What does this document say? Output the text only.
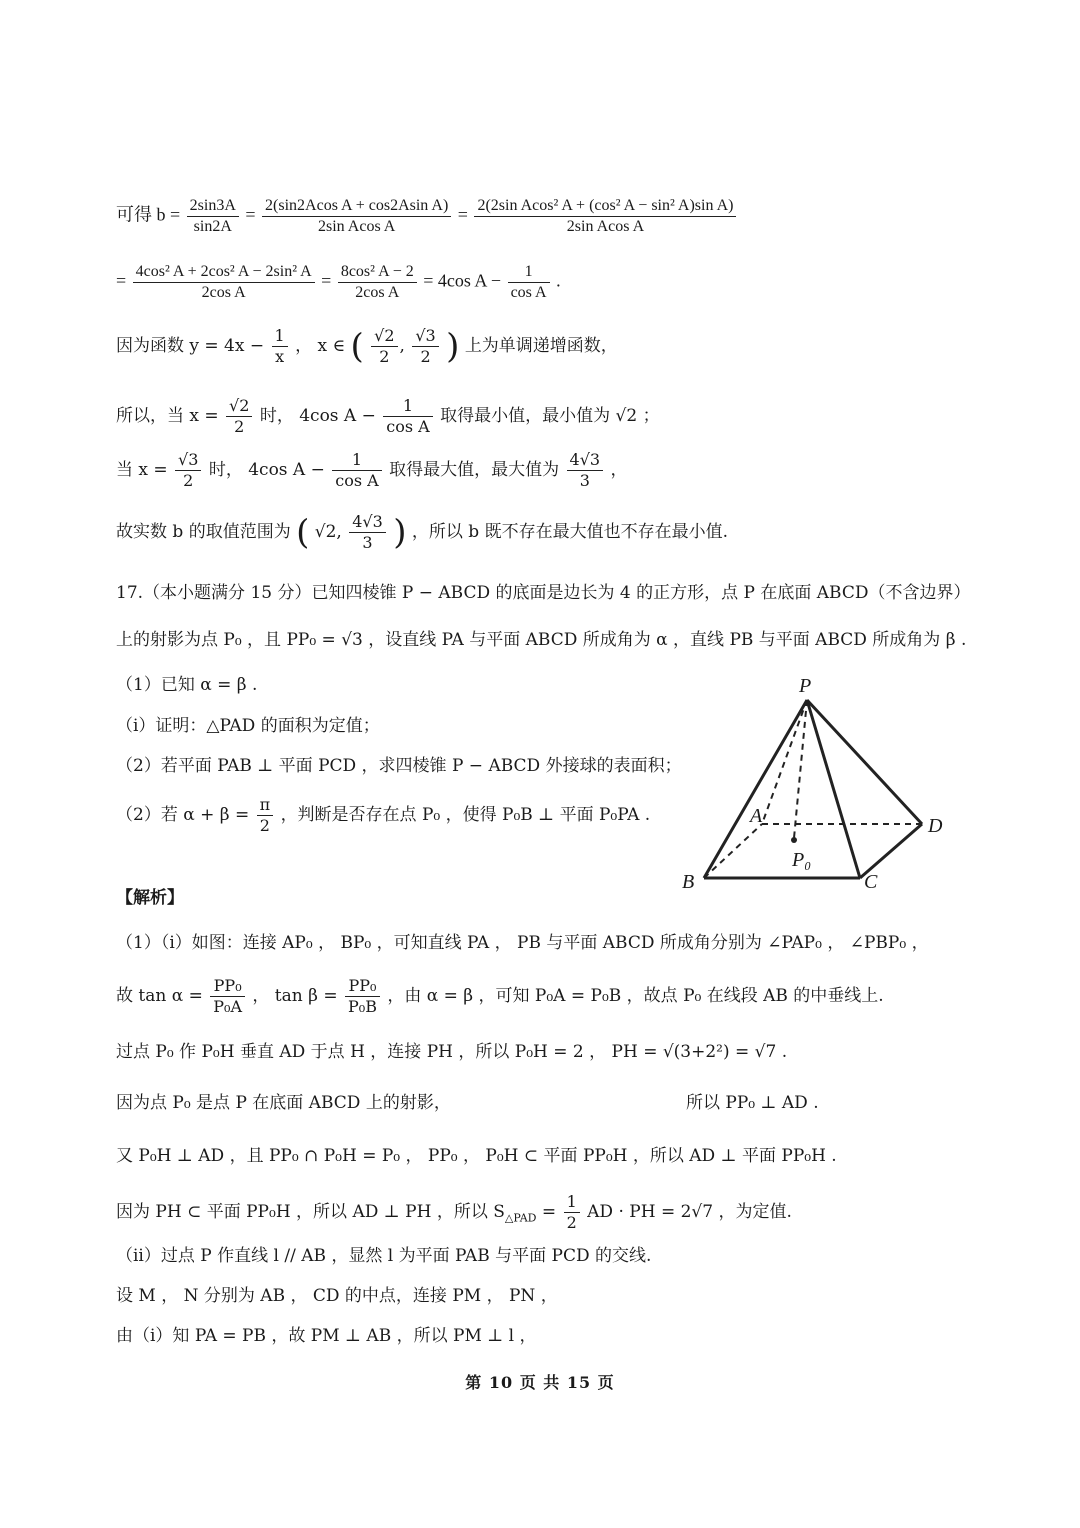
可得 $b = \frac{2\sin 3A}{\sin 2A} = \frac{\text{2(sin2Acos A + cos2Asin A)}}{\text{2sin Acos A}} = \frac{\text{2(2sin Acos² A + (cos² A − sin² A)sin A)}}{\text{2sin Acos A}}$
= $\frac{\text{4cos² A + 2cos² A − 2sin² A}}{\text{2cos A}} = \frac{\text{8cos² A − 2}}{\text{2cos A}} = 4\cos$ $A - \frac{1}{\text{cos A}}$ .
因为函数 $y = 4x - \frac{1}{x}$ ， x ∈ ( $\frac{√2}{2}$ , $\frac{√3}{2}$ ) 上为单调递增函数，
所以，当 $x = \frac{√2}{2}$ 时， 4cos $A - \frac{1}{\text{cos A}}$ 取得最小值，最小值为 √2 ；
当 $x = \frac{√3}{2}$ 时， 4cos $A - \frac{1}{\text{cos A}}$ 取得最大值，最大值为 $\frac{4√3}{3}$ ，
故实数 b 的取值范围为 ( √2, $\frac{4√3}{3}$ ) ，所以 b 既不存在最大值也不存在最小值.
17.（本小题满分 15 分）已知四棱锥 P − ABCD 的底面是边长为 4 的正方形，点 P 在底面 ABCD（不含边界）
上的射影为点 P₀ ，且 PP₀ = √3 ，设直线 PA 与平面 ABCD 所成角为 α ，直线 PB 与平面 ABCD 所成角为 β .
（1）已知 α = β .
（i）证明：△PAD 的面积为定值；
（2）若平面 PAB ⊥ 平面 PCD ，求四棱锥 P − ABCD 外接球的表面积；
（2）若 $\alpha + \beta = \frac{\pi}{2}$ ，判断是否存在点 P₀ ，使得 P₀B ⊥ 平面 P₀PA .
P
A
B	C
D
P₀
【解析】
（1）（i）如图：连接 AP₀ ， BP₀ ，可知直线 PA ， PB 与平面 ABCD 所成角分别为 ∠PAP₀ ， ∠PBP₀ ，
故 $\tan \alpha = \frac{\text{PP₀}}{\text{P₀A}}$ ， $\tan \beta = \frac{\text{PP₀}}{\text{P₀B}}$ ，由 α = β ，可知 P₀A = P₀B ，故点 P₀ 在线段 AB 的中垂线上.
过点 P₀ 作 P₀H 垂直 AD 于点 H ，连接 PH ，所以 P₀H = 2 ， PH = √(3+2²) = √7 .
因为点 P₀ 是点 P 在底面 ABCD 上的射影，	所以 PP₀ ⊥ AD .
又 P₀H ⊥ AD ，且 PP₀ ∩ P₀H = P₀ ， PP₀ ， P₀H ⊂ 平面 PP₀H ，所以 AD ⊥ 平面 PP₀H .
因为 PH ⊂ 平面 PP₀H ，所以 AD ⊥ PH ，所以 $S_{\triangle PAD} = \frac{1}{2}$ AD · PH = 2√7 ，为定值.
（ii）过点 P 作直线 l // AB ，显然 l 为平面 PAB 与平面 PCD 的交线.
设 M ， N 分别为 AB ， CD 的中点，连接 PM ， PN ，
由（i）知 PA = PB ，故 PM ⊥ AB ，所以 PM ⊥ l ，
第 10 页 共 15 页
